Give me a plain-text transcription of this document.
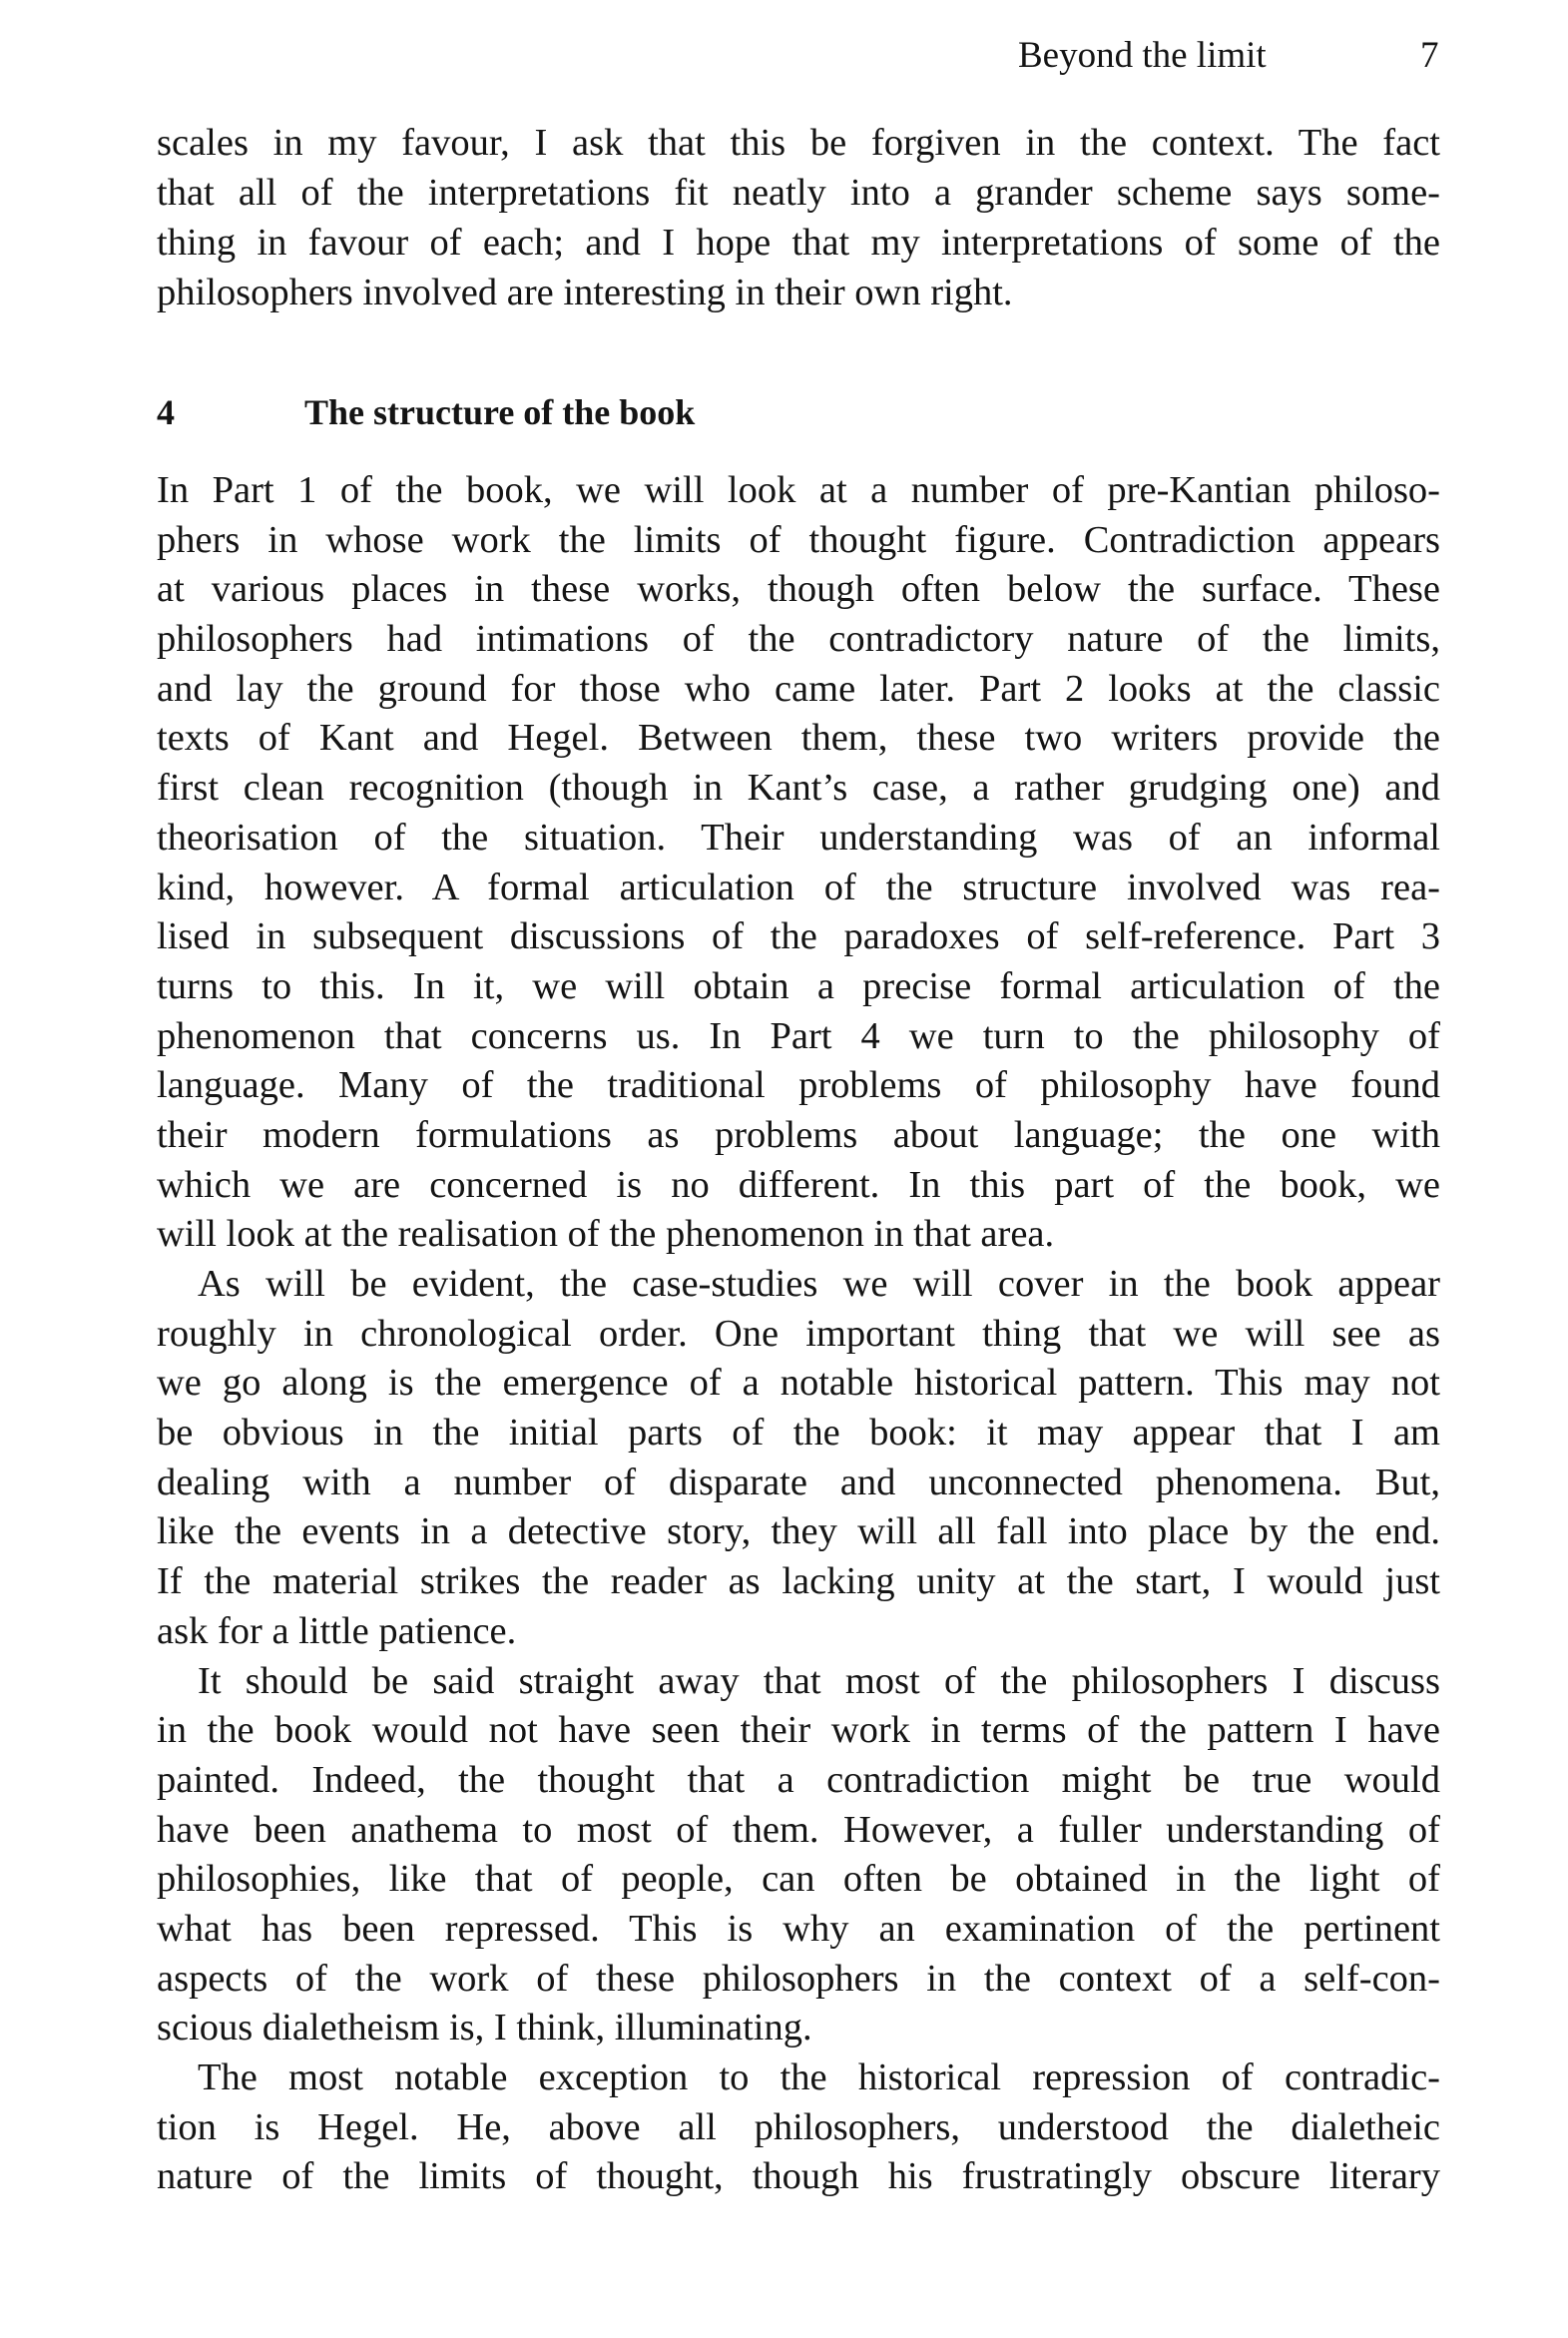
Beyond the limit	7
scales in my favour, I ask that this be forgiven in the context. The fact
that all of the interpretations fit neatly into a grander scheme says some-
thing in favour of each; and I hope that my interpretations of some of the
philosophers involved are interesting in their own right.
4	The structure of the book
In Part 1 of the book, we will look at a number of pre-Kantian philoso-
phers in whose work the limits of thought figure. Contradiction appears
at various places in these works, though often below the surface. These
philosophers had intimations of the contradictory nature of the limits,
and lay the ground for those who came later. Part 2 looks at the classic
texts of Kant and Hegel. Between them, these two writers provide the
first clean recognition (though in Kant’s case, a rather grudging one) and
theorisation of the situation. Their understanding was of an informal
kind, however. A formal articulation of the structure involved was rea-
lised in subsequent discussions of the paradoxes of self-reference. Part 3
turns to this. In it, we will obtain a precise formal articulation of the
phenomenon that concerns us. In Part 4 we turn to the philosophy of
language. Many of the traditional problems of philosophy have found
their modern formulations as problems about language; the one with
which we are concerned is no different. In this part of the book, we
will look at the realisation of the phenomenon in that area.
As will be evident, the case-studies we will cover in the book appear
roughly in chronological order. One important thing that we will see as
we go along is the emergence of a notable historical pattern. This may not
be obvious in the initial parts of the book: it may appear that I am
dealing with a number of disparate and unconnected phenomena. But,
like the events in a detective story, they will all fall into place by the end.
If the material strikes the reader as lacking unity at the start, I would just
ask for a little patience.
It should be said straight away that most of the philosophers I discuss
in the book would not have seen their work in terms of the pattern I have
painted. Indeed, the thought that a contradiction might be true would
have been anathema to most of them. However, a fuller understanding of
philosophies, like that of people, can often be obtained in the light of
what has been repressed. This is why an examination of the pertinent
aspects of the work of these philosophers in the context of a self-con-
scious dialetheism is, I think, illuminating.
The most notable exception to the historical repression of contradic-
tion is Hegel. He, above all philosophers, understood the dialetheic
nature of the limits of thought, though his frustratingly obscure literary
